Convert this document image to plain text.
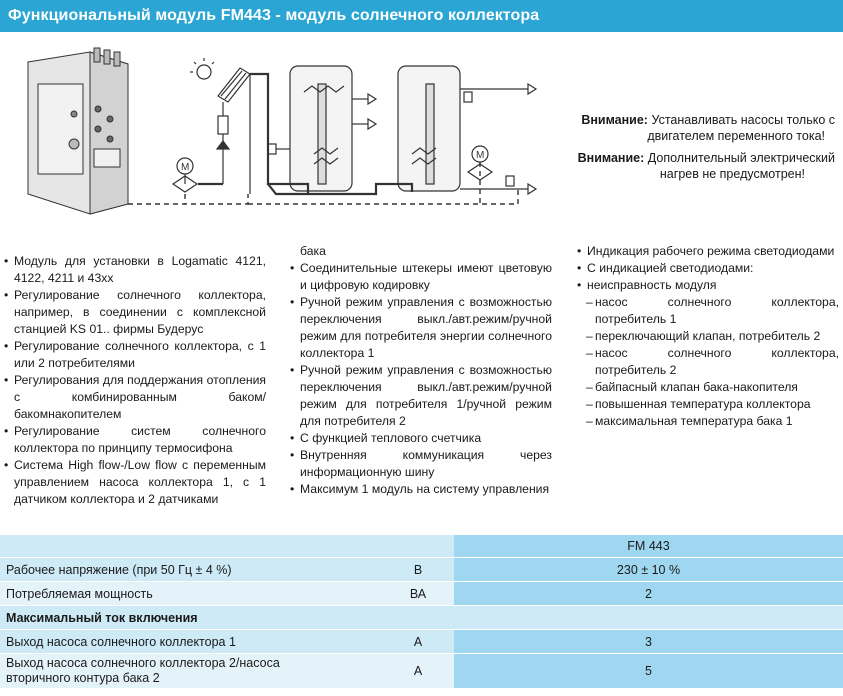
Функциональный модуль FM443 - модуль солнечного коллектора
M
M
Внимание: Устанавливать насосы только с
двигателем переменного тока!
Внимание: Дополнительный электрический
нагрев не предусмотрен!
• Модуль для установки в Logamatic 4121, 4122, 4211 и 43xx
• Регулирование солнечного коллектора, например, в соединении с комплексной станцией KS 01.. фирмы Будерус
• Регулирование солнечного коллектора, с 1 или 2 потребителями
• Регулирования для поддержания отопления с комбинированным баком/бакомнакопителем
• Регулирование систем солнечного коллектора по принципу термосифона
• Система High flow-/Low flow с переменным управлением насоса коллектора 1, с 1 датчиком коллектора и 2 датчиками
бака
• Соединительные штекеры имеют цветовую и цифровую кодировку
• Ручной режим управления с возможностью переключения выкл./авт.режим/ручной режим для потребителя энергии солнечного коллектора 1
• Ручной режим управления с возможностью переключения выкл./авт.режим/ручной режим для потребителя 1/ручной режим для потребителя 2
• С функцией теплового счетчика
• Внутренняя коммуникация через информационную шину
• Максимум 1 модуль на систему управления
• Индикация рабочего режима светодиодами
• С индикацией светодиодами:
• неисправность модуля
– насос солнечного коллектора, потребитель 1
– переключающий клапан, потребитель 2
– насос солнечного коллектора, потребитель 2
– байпасный клапан бака-накопителя
– повышенная температура коллектора
– максимальная температура бака 1
		FM 443
Рабочее напряжение (при 50 Гц ± 4 %)	В	230 ± 10 %
Потребляемая мощность	ВА	2
Максимальный ток включения		
Выход насоса солнечного коллектора 1	А	3

Выход насоса солнечного коллектора 2/насоса
вторичного контура бака 2	А	5
